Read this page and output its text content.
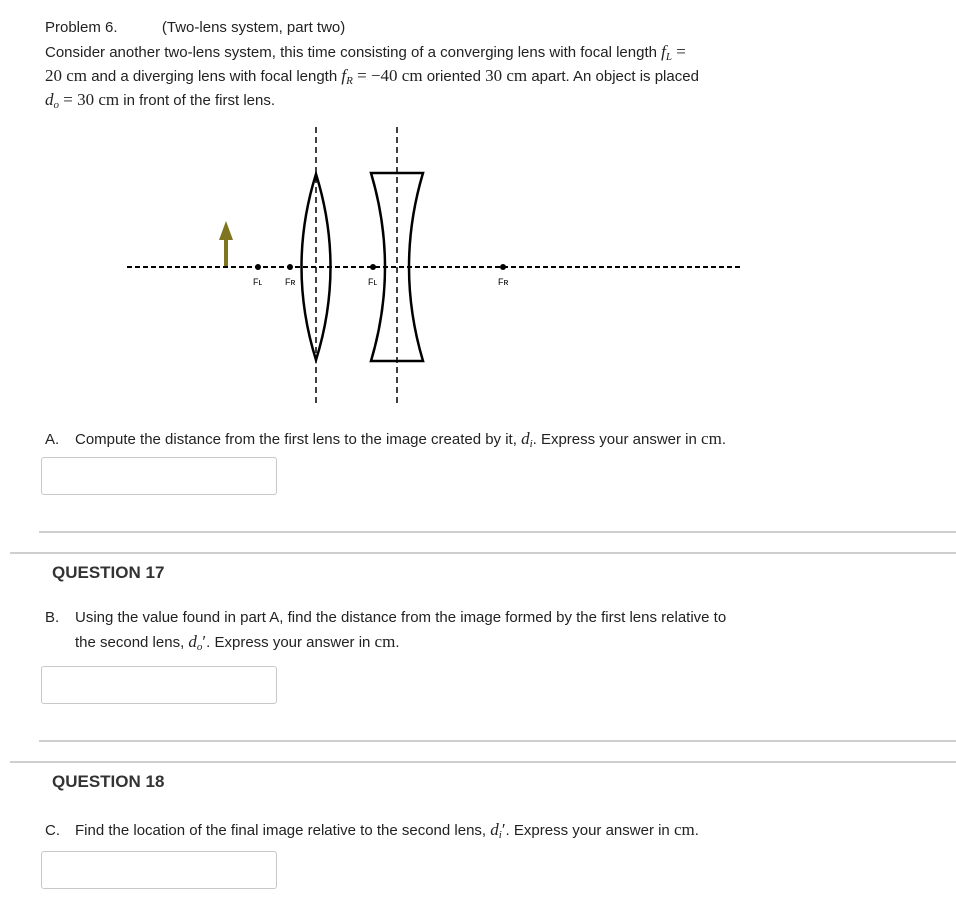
Problem 6.	(Two-lens system, part two)
Consider another two-lens system, this time consisting of a converging lens with focal length $f_L$ =
20 cm and a diverging lens with focal length $f_R = -40$ cm oriented 30 cm apart. An object is placed
$d_o = 30$ cm in front of the first lens.
Fʟ	Fʀ	Fʟ	Fʀ
A. Compute the distance from the first lens to the image created by it, $d_i$. Express your answer in cm.
QUESTION 17
B. Using the value found in part A, find the distance from the image formed by the first lens relative to
the second lens, $d_o'$. Express your answer in cm.
QUESTION 18
C. Find the location of the final image relative to the second lens, $d_i'$. Express your answer in cm.
